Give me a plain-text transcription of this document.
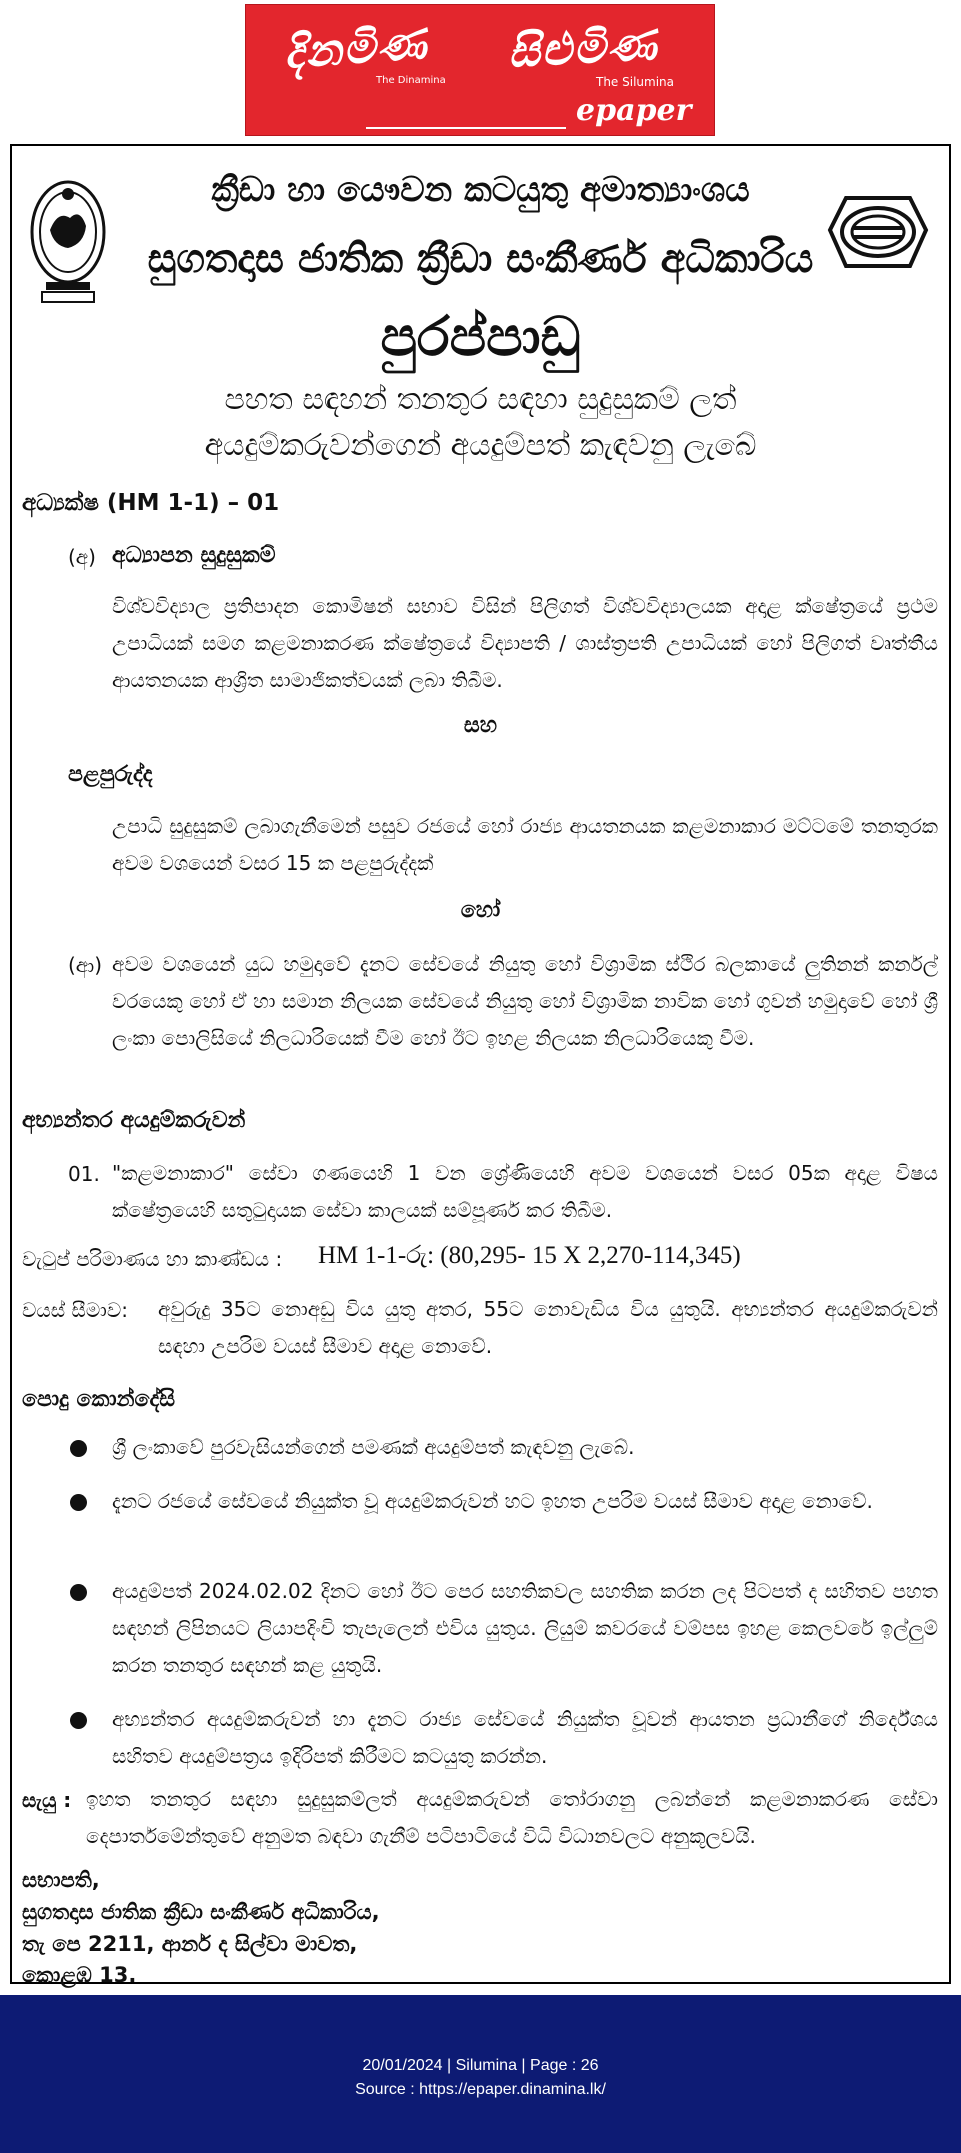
දිනමිණ සිළුමිණ
The Dinamina	The Silumina
epaper
ක්‍රීඩා හා යෞවන කටයුතු අමාත්‍යාංශය
සුගතදාස ජාතික ක්‍රීඩා සංකීර්ණ අධිකාරිය
පුරප්පාඩු
පහත සඳහන් තනතුර සඳහා සුදුසුකම් ලත්
අයදුම්කරුවන්ගෙන් අයදුම්පත් කැඳවනු ලැබේ
අධ්‍යක්ෂ (HM 1-1) – 01
(අ) අධ්‍යාපන සුදුසුකම්
විශ්වවිද්‍යාල ප්‍රතිපාදන කොමිෂන් සභාව විසින් පිලිගත් විශ්වවිද්‍යාලයක අදාළ ක්ෂේත්‍රයේ ප්‍රථම උපාධියක් සමග කළමනාකරණ ක්ෂේත්‍රයේ විද්‍යාපති / ශාස්ත්‍රපති උපාධියක් හෝ පිලිගත් වෘත්තීය ආයතනයක ආශ්‍රිත සාමාජිකත්වයක් ලබා තිබීම.
සහ
පළපුරුද්ද
උපාධි සුදුසුකම් ලබාගැනීමෙන් පසුව රජයේ හෝ රාජ්‍ය ආයතනයක කළමනාකාර මට්ටමේ තනතුරක අවම වශයෙන් වසර 15 ක පළපුරුද්දක්
හෝ
(ආ) අවම වශයෙන් යුධ හමුදාවේ දැනට සේවයේ නියුතු හෝ විශ්‍රාමික ස්ථිර බලකායේ ලුතිනන් කර්නල් වරයෙකු හෝ ඒ හා සමාන නිලයක සේවයේ නියුතු හෝ විශ්‍රාමික නාවික හෝ ගුවන් හමුදාවේ හෝ ශ්‍රී ලංකා පොලිසියේ නිලධාරියෙක් වීම හෝ ඊට ඉහළ නිලයක නිලධාරියෙකු වීම.
අභ්‍යන්තර අයදුම්කරුවන්
01. "කළමනාකාර" සේවා ගණයෙහි 1 වන ශ්‍රේණියෙහි අවම වශයෙන් වසර 05ක අදාළ විෂය ක්ෂේත්‍රයෙහි සතුටුදායක සේවා කාලයක් සම්පූර්ණ කර තිබීම.
වැටුප් පරිමාණය හා කාණ්ඩය : HM 1-1-රු: (80,295- 15 X 2,270-114,345)
වයස් සීමාව: අවුරුදු 35ට නොඅඩු විය යුතු අතර, 55ට නොවැඩිය විය යුතුයි. අභ්‍යන්තර අයදුම්කරුවන් සඳහා උපරිම වයස් සීමාව අදාළ නොවේ.
පොදු කොන්දේසි
ශ්‍රී ලංකාවේ පුරවැසියන්ගෙන් පමණක් අයදුම්පත් කැඳවනු ලැබේ.
දැනට රජයේ සේවයේ නියුක්ත වූ අයදුම්කරුවන් හට ඉහත උපරිම වයස් සීමාව අදාළ නොවේ.
අයදුම්පත් 2024.02.02 දිනට හෝ ඊට පෙර සහතිකවල සහතික කරන ලද පිටපත් ද සහිතව පහත සඳහන් ලිපිනයට ලියාපදිංචි තැපැලෙන් එවිය යුතුය. ලියුම් කවරයේ වම්පස ඉහළ කෙලවරේ ඉල්ලුම් කරන තනතුර සඳහන් කළ යුතුයි.
අභ්‍යන්තර අයදුම්කරුවන් හා දැනට රාජ්‍ය සේවයේ නියුක්ත වූවන් ආයතන ප්‍රධානීගේ නිර්දේශය සහිතව අයදුම්පත්‍රය ඉදිරිපත් කිරීමට කටයුතු කරන්න.
සැයු : ඉහත තනතුර සඳහා සුදුසුකම්ලත් අයදුම්කරුවන් තෝරාගනු ලබන්නේ කළමනාකරණ සේවා දෙපාර්තමේන්තුවේ අනුමත බඳවා ගැනීම් පටිපාටියේ විධි විධානවලට අනුකූලවයි.
සභාපති,
සුගතදාස ජාතික ක්‍රීඩා සංකීර්ණ අධිකාරිය,
තැ පෙ 2211, ආනර් ද සිල්වා මාවත,
කොළඹ 13.
20/01/2024 | Silumina | Page : 26
Source : https://epaper.dinamina.lk/
